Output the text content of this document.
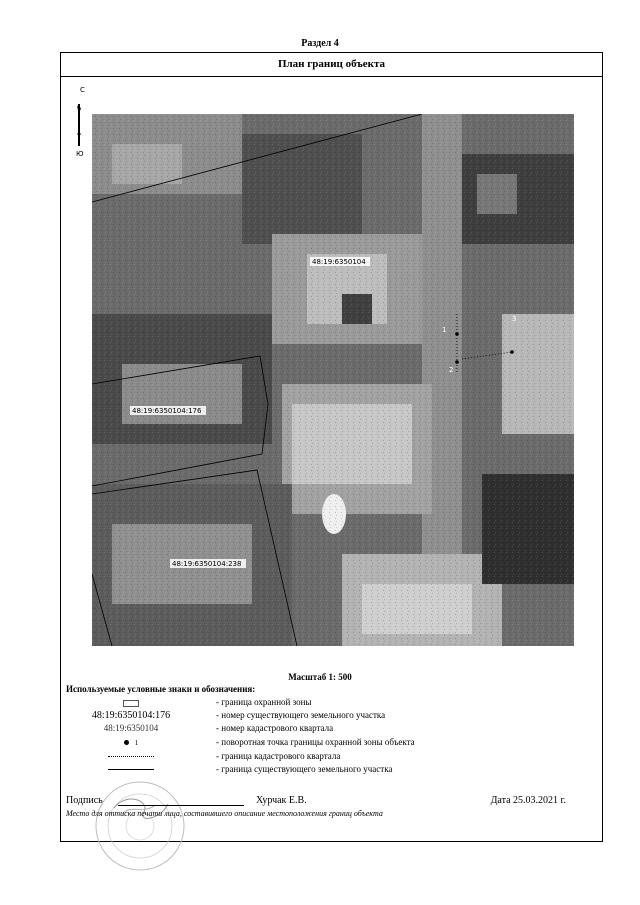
Раздел 4
План границ объекта
С
Ю
48:19:6350104
48:19:6350104:176
48:19:6350104:238
1
2
3
Масштаб 1: 500
Используемые условные знаки и обозначения:
- граница охранной зоны
48:19:6350104:176	- номер существующего земельного участка
48:19:6350104	- номер кадастрового квартала
1	- поворотная точка границы охранной зоны объекта
- граница кадастрового квартала
- граница существующего земельного участка
Подпись	Хурчак Е.В.	Дата 25.03.2021 г.
Место для оттиска печати лица, составившего описание местоположения границ объекта
